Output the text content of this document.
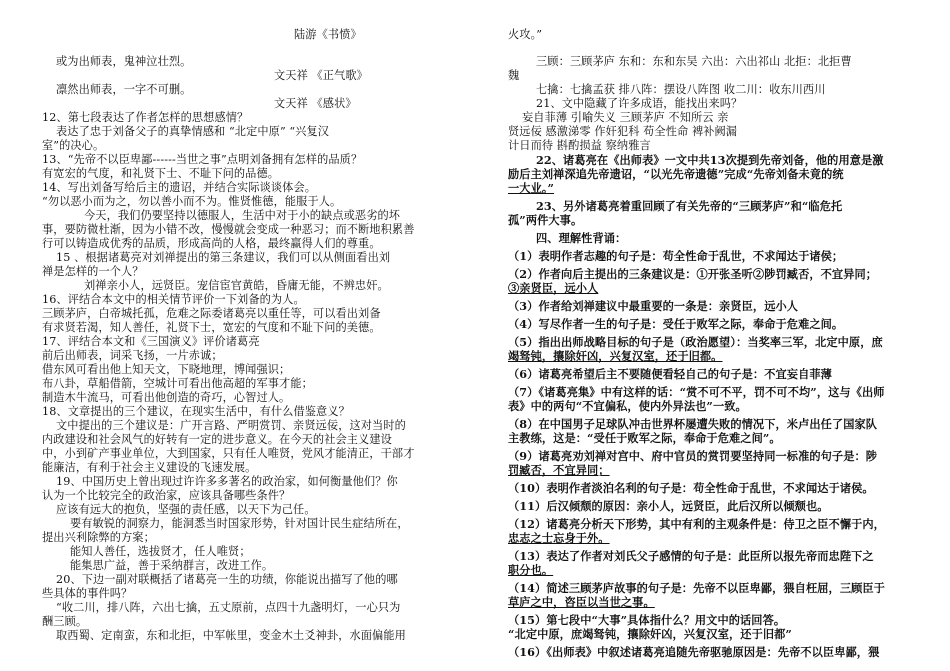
陆游《书愤》
或为出师表，鬼神泣壮烈。
文天祥 《正气歌》
凛然出师表，一字不可删。
文天祥 《感状》
12、第七段表达了作者怎样的思想感情？
表达了忠于刘备父子的真挚情感和 “北定中原” “兴复汉
室”的决心。
13、“先帝不以臣卑鄙------当世之事”点明刘备拥有怎样的品质？
有宽宏的气度，和礼贤下士、不耻下问的品德。
14、写出刘备写给后主的遗诏，并结合实际谈谈体会。
“勿以恶小而为之，勿以善小而不为。惟贤惟德，能服于人。
今天，我们仍要坚持以德服人，生活中对于小的缺点或恶劣的坏
事，要防微杜渐，因为小错不改，慢慢就会变成一种恶习；而不断地积累善
行可以铸造成优秀的品质，形成高尚的人格，最终赢得人们的尊重。
15 、根据诸葛亮对刘禅提出的第三条建议，我们可以从侧面看出刘
禅是怎样的一个人？
刘禅亲小人，远贤臣。宠信宦官黄皓，昏庸无能，不辨忠奸。
16、评结合本文中的相关情节评价一下刘备的为人。
三顾茅庐，白帝城托孤，危难之际委诸葛亮以重任等，可以看出刘备
有求贤若渴，知人善任，礼贤下士，宽宏的气度和不耻下问的美德。
17、评结合本文和《三国演义》评价诸葛亮
前后出师表，词采飞扬，一片赤诚；
借东风可看出他上知天文，下晓地理，博闻强识；
布八卦，草船借箭，空城计可看出他高超的军事才能；
制造木牛流马，可看出他创造的奇巧，心智过人。
18、文章提出的三个建议，在现实生活中，有什么借鉴意义？
文中提出的三个建议是：广开言路、严明赏罚、亲贤远佞，这对当时的
内政建设和社会风气的好转有一定的进步意义。在今天的社会主义建设
中，小到矿产事业单位，大到国家，只有任人唯贤，党风才能清正，干部才
能廉洁，有利于社会主义建设的飞速发展。
19、中国历史上曾出现过许许多多著名的政治家，如何衡量他们？你
认为一个比较完全的政治家，应该具备哪些条件？
应该有远大的抱负，坚强的责任感，以天下为己任。
要有敏锐的洞察力，能洞悉当时国家形势，针对国计民生症结所在，
提出兴利除弊的方案；
能知人善任，选拔贤才，任人唯贤；
能集思广益，善于采纳群言，改进工作。
20、下边一副对联概括了诸葛亮一生的功绩，你能说出描写了他的哪
些具体的事件吗？
“收二川，排八阵，六出七擒，五丈原前，点四十九盏明灯，一心只为
酬三顾。
取西蜀、定南蛮，东和北拒，中军帐里，变金木土爻神卦，水面偏能用
火攻。”
三顾：三顾茅庐 东和：东和东吴 六出：六出祁山 北拒：北拒曹
魏
七擒：七擒孟获 排八阵：摆设八阵图 收二川：收东川西川
21、文中隐藏了许多成语，能找出来吗？
妄自菲薄 引喻失义 三顾茅庐 不知所云 亲
贤远佞 感激涕零 作奸犯科 苟全性命 裨补阙漏
计日而待 斟酌损益 察纳雅言
22、诸葛亮在《出师表》一文中共13次提到先帝刘备，他的用意是激
励后主刘禅深追先帝遗诏，“以光先帝遗德”完成“先帝刘备未竟的统
一大业。”
23、另外诸葛亮着重回顾了有关先帝的“三顾茅庐”和“临危托
孤”两件大事。
四、理解性背诵：
（1）表明作者志趣的句子是：苟全性命于乱世，不求闻达于诸侯；
（2）作者向后主提出的三条建议是：①开张圣听②陟罚臧否，不宜异同；
③亲贤臣，远小人
（3）作者给刘禅建议中最重要的一条是：亲贤臣，远小人
（4）写尽作者一生的句子是：受任于败军之际，奉命于危难之间。
（5）指出出师战略目标的句子是（政治愿望）：当奖率三军，北定中原，庶
竭驽钝，攘除奸凶，兴复汉室，还于旧都。
（6）诸葛亮希望后主不要随便看轻自己的句子是：不宜妄自菲薄
（7）《诸葛亮集》中有这样的话：“赏不可不平，罚不可不均”，这与《出师
表》中的两句“不宜偏私，使内外异法也”一致。
（8）在中国男子足球队冲击世界杯屡遭失败的情况下，米卢出任了国家队
主教练，这是：“受任于败军之际，奉命于危难之间”。
（9）诸葛亮劝刘禅对宫中、府中官员的赏罚要坚持同一标准的句子是：陟
罚臧否，不宜异同；
（10）表明作者淡泊名利的句子是：苟全性命于乱世，不求闻达于诸侯。
（11）后汉倾颓的原因：亲小人，远贤臣，此后汉所以倾颓也。
（12）诸葛亮分析天下形势，其中有利的主观条件是：侍卫之臣不懈于内，
忠志之士忘身于外。
（13）表达了作者对刘氏父子感情的句子是：此臣所以报先帝而忠陛下之
职分也。
（14）简述三顾茅庐故事的句子是：先帝不以臣卑鄙，猥自枉屈，三顾臣于
草庐之中，咨臣以当世之事。
（15）第七段中“大事”具体指什么？用文中的话回答。
“北定中原，庶竭驽钝，攘除奸凶，兴复汉室，还于旧都”
（16）《出师表》中叙述诸葛亮追随先帝驱驰原因是：先帝不以臣卑鄙，猥
